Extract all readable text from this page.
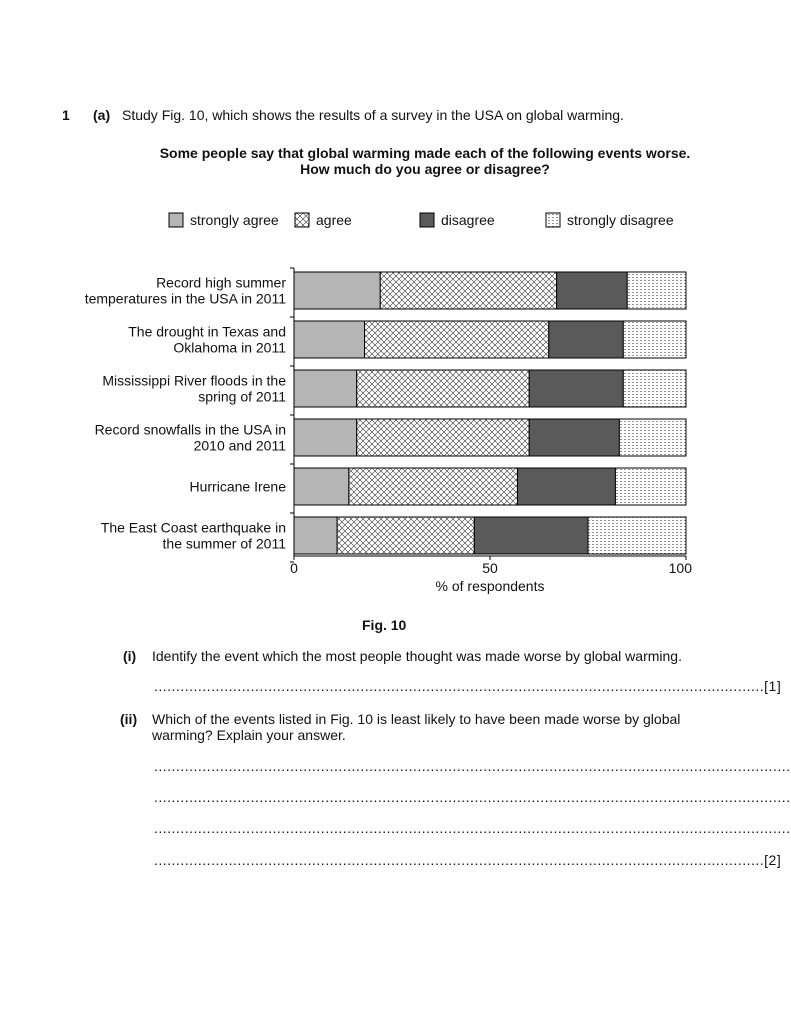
1 (a) Study Fig. 10, which shows the results of a survey in the USA on global warming.
Some people say that global warming made each of the following events worse.
How much do you agree or disagree?
strongly agree	agree	disagree	strongly disagree
Record high summer
temperatures in the USA in 2011
The drought in Texas and
Oklahoma in 2011
Mississippi River floods in the
spring of 2011
Record snowfalls in the USA in
2010 and 2011
Hurricane Irene
The East Coast earthquake in
the summer of 2011
0	50	100
% of respondents
Fig. 10
(i) Identify the event which the most people thought was made worse by global warming.
...........................................................................................................................................[1]
(ii) Which of the events listed in Fig. 10 is least likely to have been made worse by global
warming? Explain your answer.
.................................................................................................................................................
.................................................................................................................................................
.................................................................................................................................................
...........................................................................................................................................[2]
